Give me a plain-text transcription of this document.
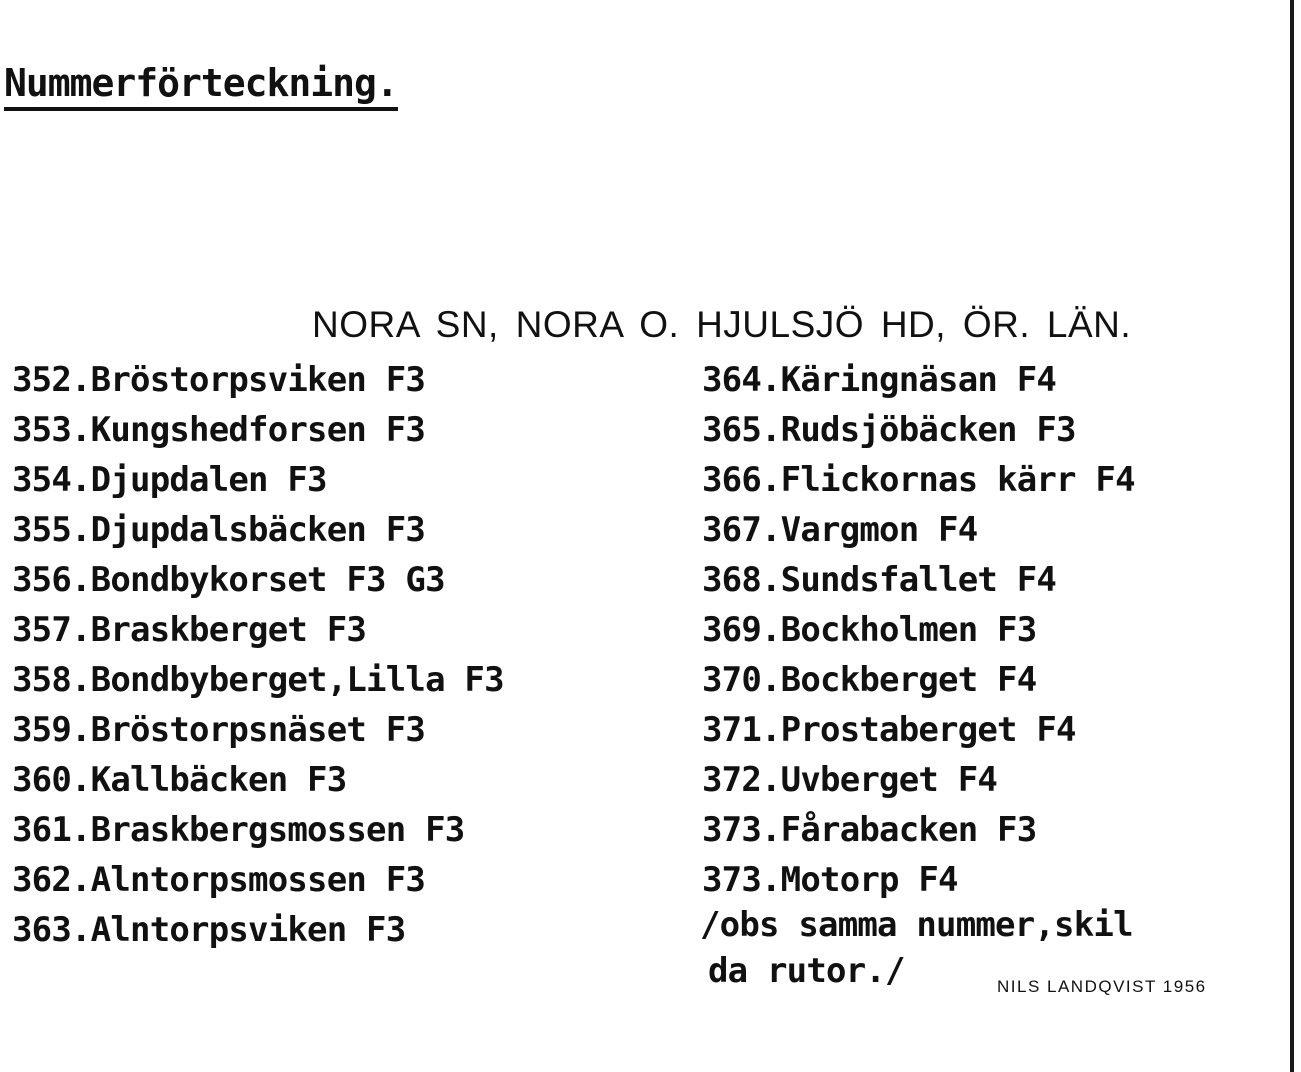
Nummerförteckning.
NORA SN, NORA O. HJULSJÖ HD, ÖR. LÄN.
352.Bröstorpsviken F3
353.Kungshedforsen F3
354.Djupdalen F3
355.Djupdalsbäcken F3
356.Bondbykorset F3 G3
357.Braskberget F3
358.Bondbyberget,Lilla F3
359.Bröstorpsnäset F3
360.Kallbäcken F3
361.Braskbergsmossen F3
362.Alntorpsmossen F3
363.Alntorpsviken F3
364.Käringnäsan F4
365.Rudsjöbäcken F3
366.Flickornas kärr F4
367.Vargmon F4
368.Sundsfallet F4
369.Bockholmen F3
370.Bockberget F4
371.Prostaberget F4
372.Uvberget F4
373.Fårabacken F3
373.Motorp F4
/obs samma nummer,skil
da rutor./	NILS LANDQVIST 1956
